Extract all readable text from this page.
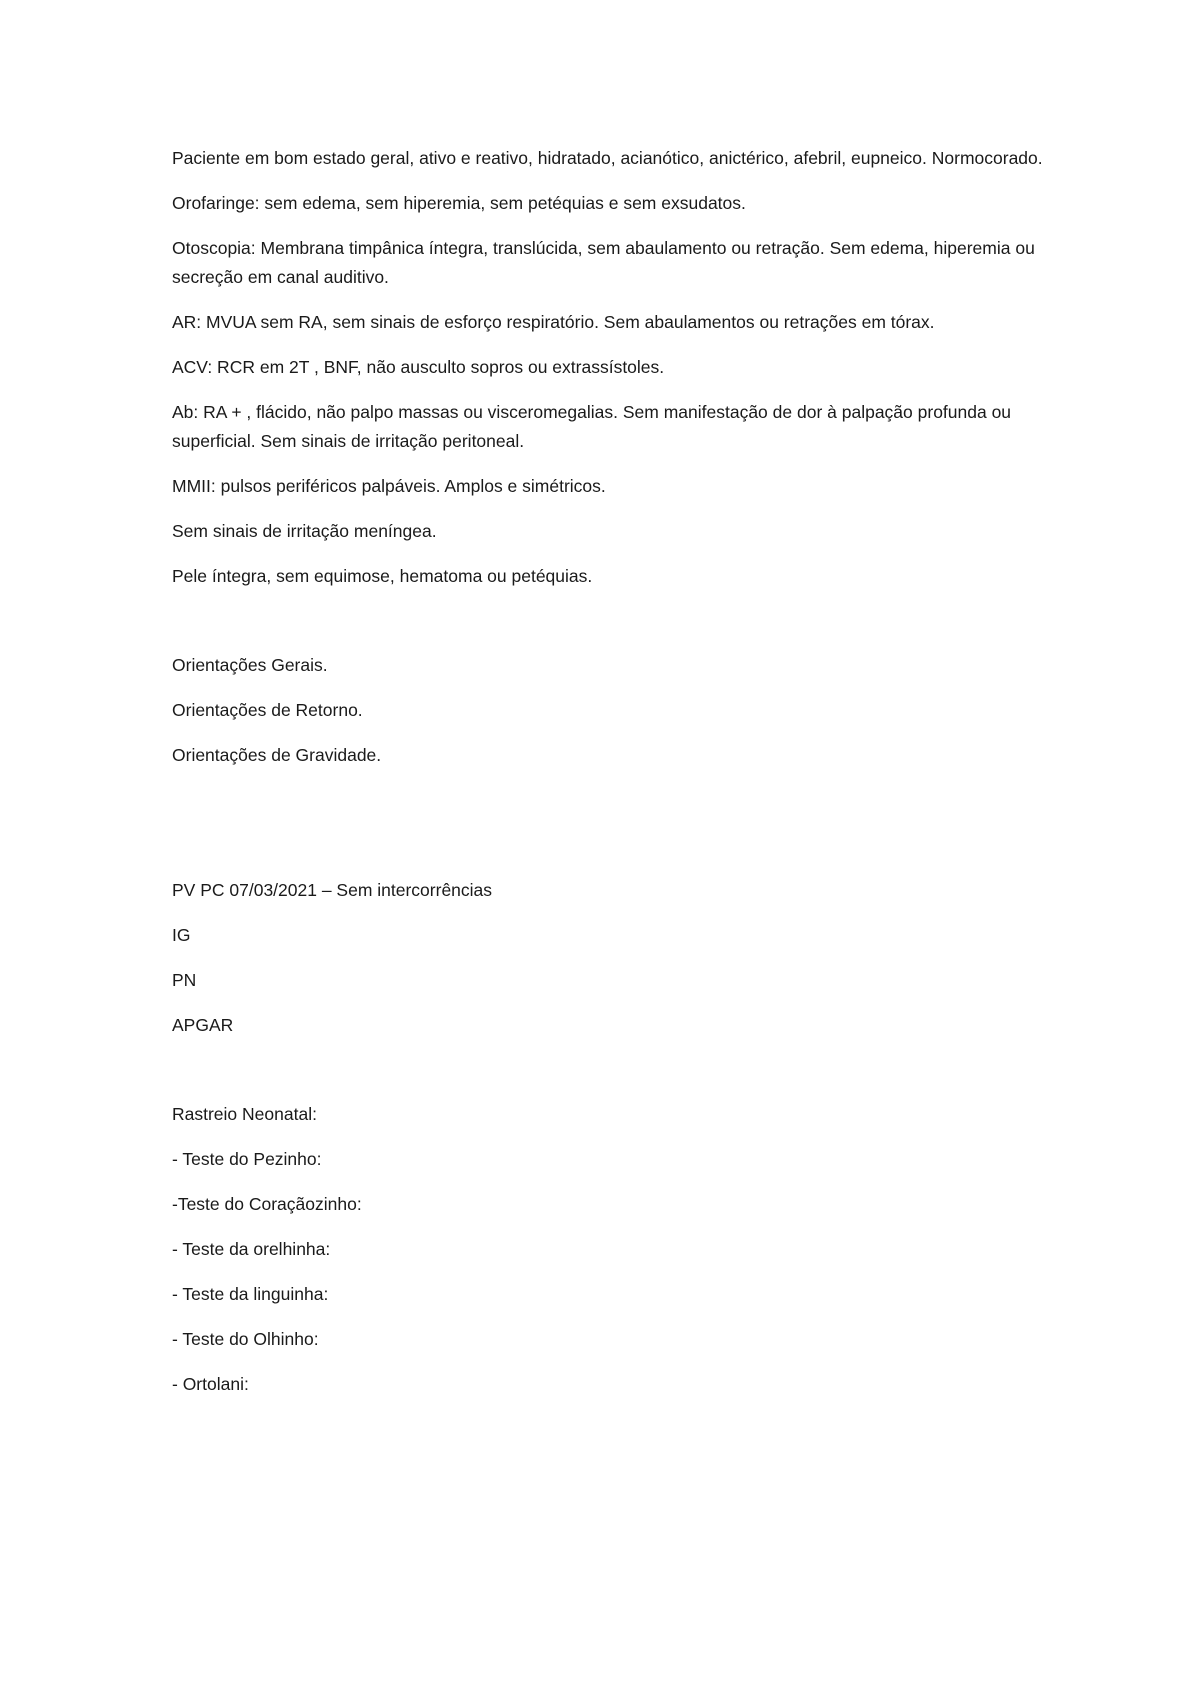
Paciente em bom estado geral, ativo e reativo, hidratado, acianótico, anictérico, afebril, eupneico. Normocorado.

Orofaringe: sem edema, sem hiperemia, sem petéquias e sem exsudatos.

Otoscopia: Membrana timpânica íntegra, translúcida, sem abaulamento ou retração. Sem edema, hiperemia ou secreção em canal auditivo.

AR: MVUA sem RA, sem sinais de esforço respiratório. Sem abaulamentos ou retrações em tórax.

ACV: RCR em 2T , BNF, não ausculto sopros ou extrassístoles.

Ab: RA + , flácido, não palpo massas ou visceromegalias. Sem manifestação de dor à palpação profunda ou superficial. Sem sinais de irritação peritoneal.

MMII: pulsos periféricos palpáveis. Amplos e simétricos.

Sem sinais de irritação meníngea.

Pele íntegra, sem equimose, hematoma ou petéquias.

Orientações Gerais.

Orientações de Retorno.

Orientações de Gravidade.

PV PC 07/03/2021 – Sem intercorrências

IG

PN

APGAR

Rastreio Neonatal:

- Teste do Pezinho:

-Teste do Coraçãozinho:

- Teste da orelhinha:

- Teste da linguinha:

- Teste do Olhinho:

- Ortolani:
